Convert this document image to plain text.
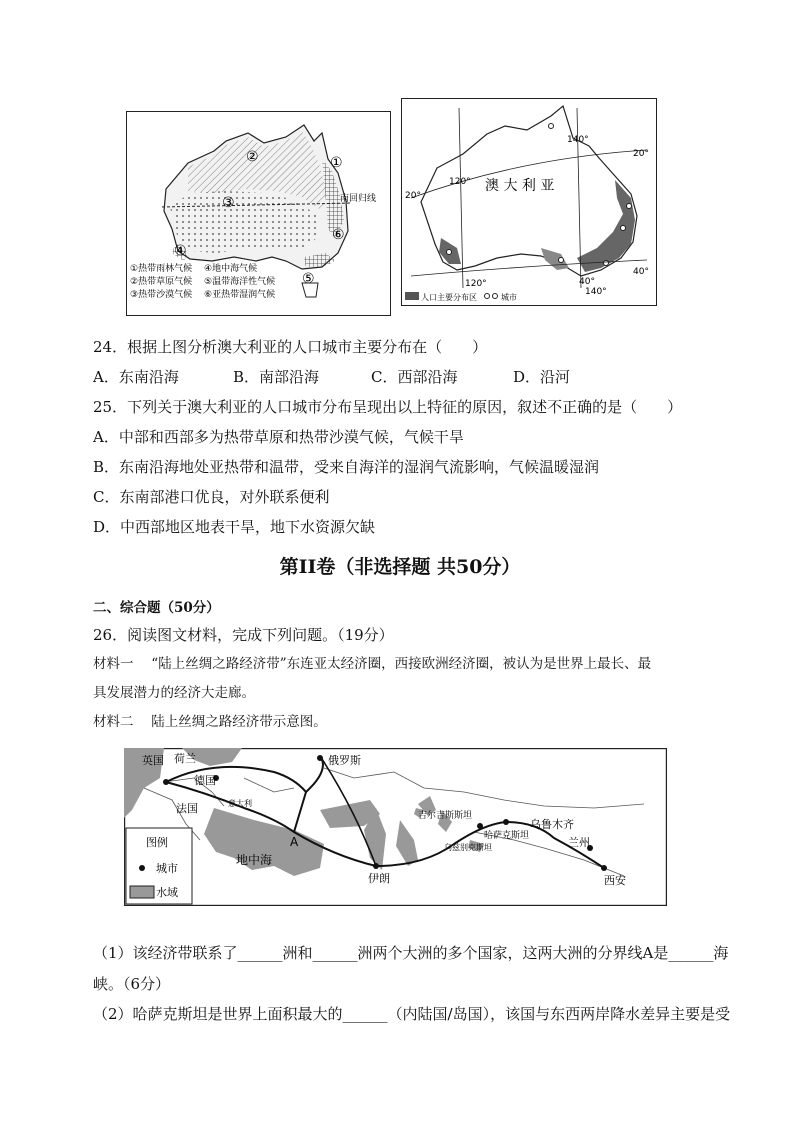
南回归线
①
②
③
④
⑤
⑥
①热带雨林气候 ④地中海气候
②热带草原气候 ⑤温带海洋性气候
③热带沙漠气候 ⑥亚热带湿润气候
澳 大 利 亚
120°
140°
20°
20°
40°
40°
140°
120°
人口主要分布区	城市
24．根据上图分析澳大利亚的人口城市主要分布在（　　）
A．东南沿海	B．南部沿海	C．西部沿海	D．沿河
25．下列关于澳大利亚的人口城市分布呈现出以上特征的原因，叙述不正确的是（　　）
A．中部和西部多为热带草原和热带沙漠气候，气候干旱
B．东南沿海地处亚热带和温带，受来自海洋的湿润气流影响，气候温暖湿润
C．东南部港口优良，对外联系便利
D．中西部地区地表干旱，地下水资源欠缺
第II卷（非选择题 共50分）
二、综合题（50分）
26．阅读图文材料，完成下列问题。（19分）
材料一　 “陆上丝绸之路经济带”东连亚太经济圈，西接欧洲经济圈，被认为是世界上最长、最
具发展潜力的经济大走廊。
材料二　 陆上丝绸之路经济带示意图。
英国 荷兰
德国
俄罗斯
意大利
法国
A
地中海
伊朗
吉尔吉斯斯坦
乌鲁木齐
哈萨克斯坦
乌兹别克斯坦	兰州
西安
图例
城市
水域
（1）该经济带联系了______洲和______洲两个大洲的多个国家，这两大洲的分界线A是______海
峡。（6分）
（2）哈萨克斯坦是世界上面积最大的______（内陆国/岛国），该国与东西两岸降水差异主要是受
